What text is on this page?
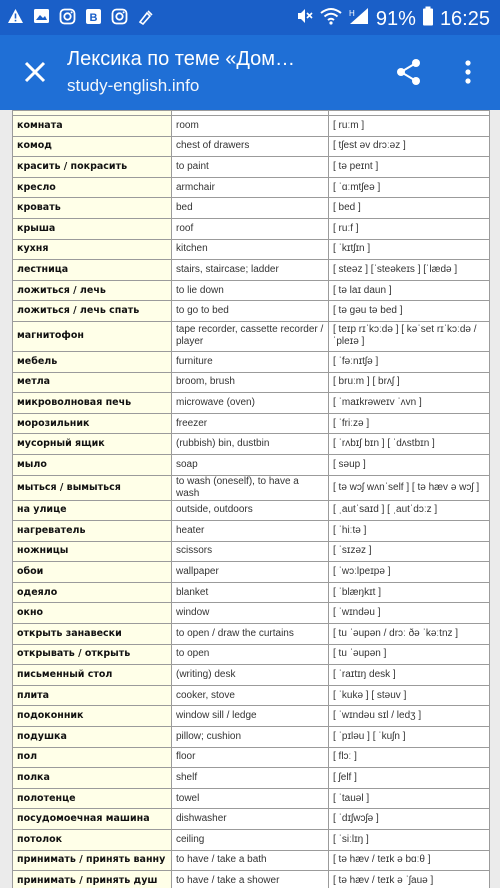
B	H 91% 16:25
Лексика по теме «Дом…
study-english.info

комната	room	[ ruːm ]
комод	chest of drawers	[ tʃest əv drɔːəz ]
красить / покрасить	to paint	[ tə peɪnt ]
кресло	armchair	[ ˈɑːmtʃeə ]
кровать	bed	[ bed ]
крыша	roof	[ ruːf ]
кухня	kitchen	[ ˈkɪtʃɪn ]
лестница	stairs, staircase; ladder	[ steəz ] [ˈsteəkeɪs ] [ˈlædə ]
ложиться / лечь	to lie down	[ tə laɪ daun ]
ложиться / лечь спать	to go to bed	[ tə gəu tə bed ]
магнитофон	tape recorder, cassette recorder / player	[ teɪp rɪˈkɔːdə ] [ kəˈset rɪˈkɔːdə / ˈpleɪə ]
мебель	furniture	[ ˈfəːnɪtʃə ]
метла	broom, brush	[ bruːm ] [ brʌʃ ]
микроволновая печь	microwave (oven)	[ ˈmaɪkrəweɪv ˈʌvn ]
морозильник	freezer	[ ˈfriːzə ]
мусорный ящик	(rubbish) bin, dustbin	[ ˈrʌbɪʃ bɪn ] [ ˈdʌstbɪn ]
мыло	soap	[ səup ]
мыться / вымыться	to wash (oneself), to have a wash	[ tə wɔʃ wʌnˈself ] [ tə hæv ə wɔʃ ]
на улице	outside, outdoors	[ ˌautˈsaɪd ] [ ˌautˈdɔːz ]
нагреватель	heater	[ ˈhiːtə ]
ножницы	scissors	[ ˈsɪzəz ]
обои	wallpaper	[ ˈwɔːlpeɪpə ]
одеяло	blanket	[ ˈblæŋkɪt ]
окно	window	[ ˈwɪndəu ]
открыть занавески	to open / draw the curtains	[ tu ˈəupən / drɔː ðə ˈkəːtnz ]
открывать / открыть	to open	[ tu ˈəupən ]
письменный стол	(writing) desk	[ ˈraɪtɪŋ desk ]
плита	cooker, stove	[ ˈkukə ] [ stəuv ]
подоконник	window sill / ledge	[ ˈwɪndəu sɪl / ledʒ ]
подушка	pillow; cushion	[ ˈpɪləu ] [ ˈkuʃn ]
пол	floor	[ flɔː ]
полка	shelf	[ ʃelf ]
полотенце	towel	[ ˈtauəl ]
посудомоечная машина	dishwasher	[ ˈdɪʃwɔʃə ]
потолок	ceiling	[ ˈsiːlɪŋ ]
принимать / принять ванну	to have / take a bath	[ tə hæv / teɪk ə bɑːθ ]
принимать / принять душ	to have / take a shower	[ tə hæv / teɪk ə ˈʃauə ]
